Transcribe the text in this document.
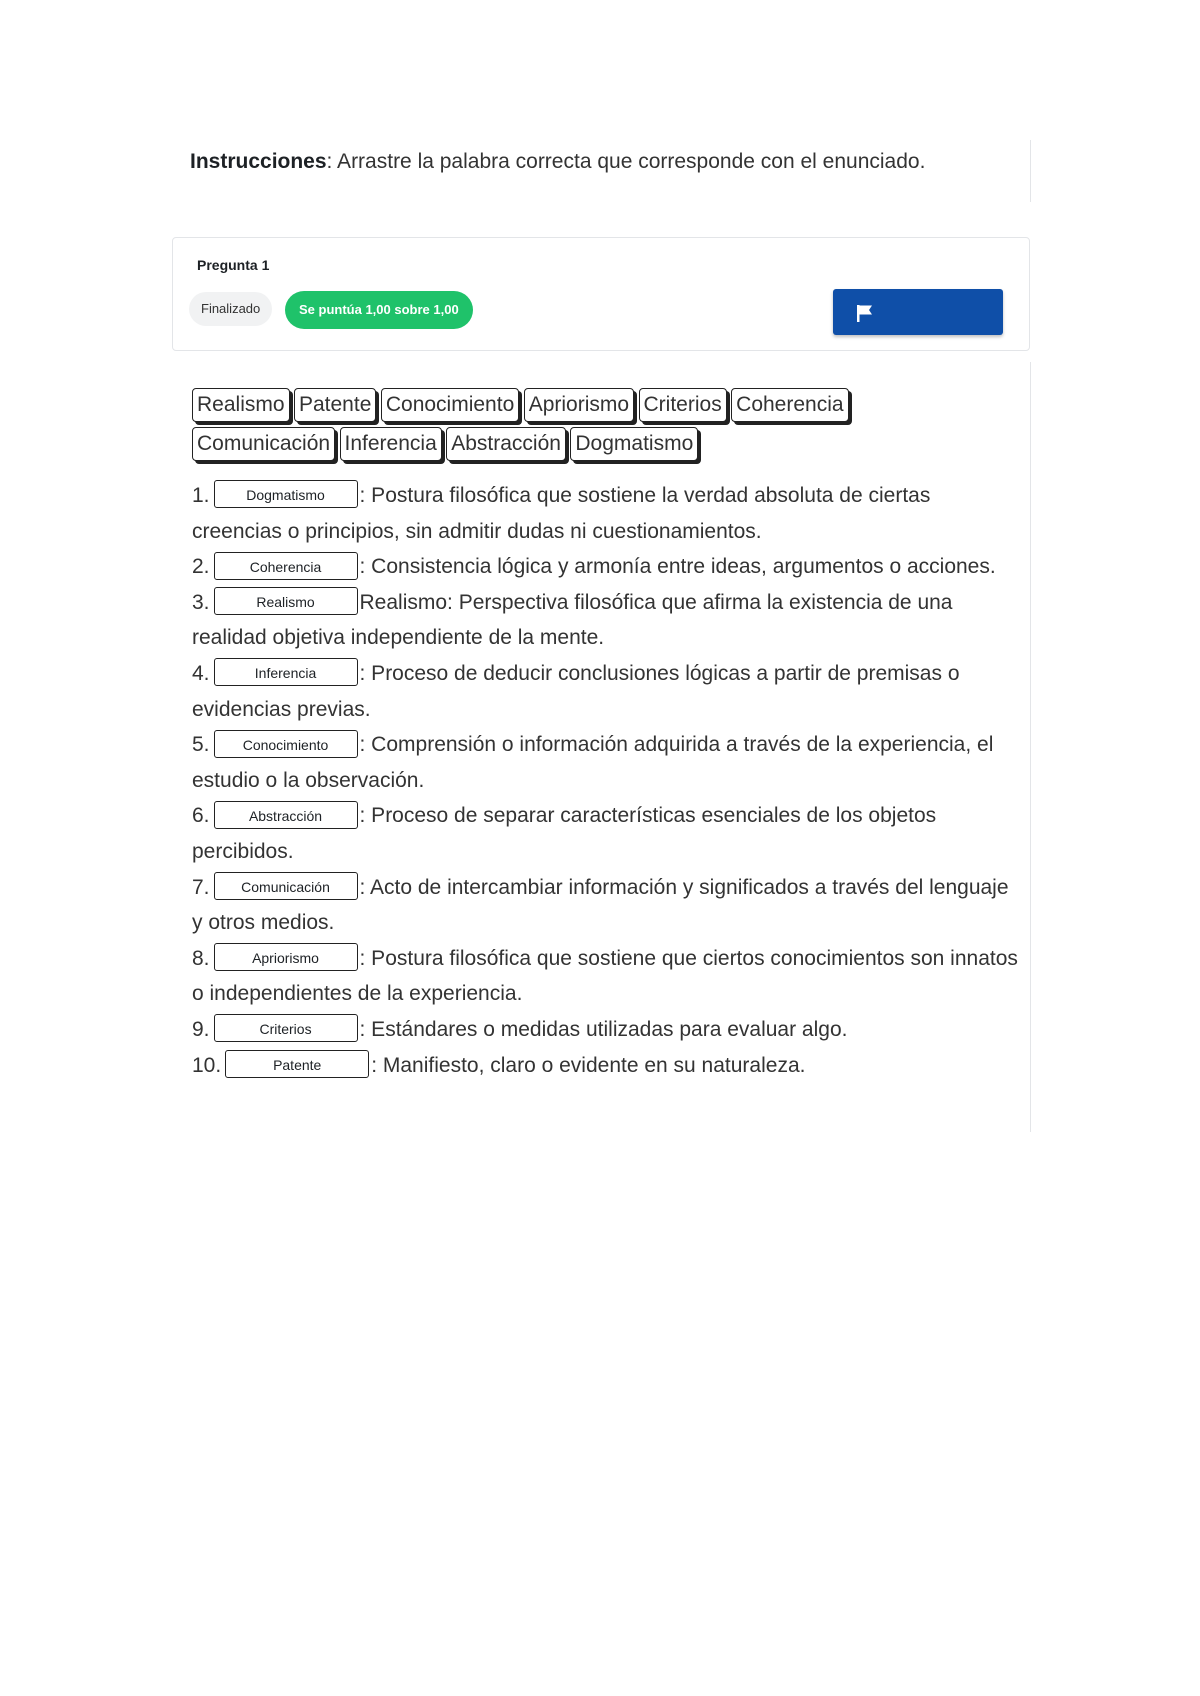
Instrucciones: Arrastre la palabra correcta que corresponde con el enunciado.
Pregunta 1
Finalizado	Se puntúa 1,00 sobre 1,00
Realismo Patente Conocimiento Apriorismo Criterios Coherencia
Comunicación Inferencia Abstracción Dogmatismo

1.	Dogmatismo : Postura filosófica que sostiene la verdad absoluta de ciertas creencias o principios, sin admitir dudas ni cuestionamientos.

2.	Coherencia : Consistencia lógica y armonía entre ideas, argumentos o acciones.

3.	Realismo Realismo: Perspectiva filosófica que afirma la existencia de una realidad objetiva independiente de la mente.

4.	Inferencia : Proceso de deducir conclusiones lógicas a partir de premisas o evidencias previas.

5. Conocimiento : Comprensión o información adquirida a través de la experiencia, el estudio o la observación.

6.	Abstracción : Proceso de separar características esenciales de los objetos percibidos.

7. Comunicación : Acto de intercambiar información y significados a través del lenguaje y otros medios.

8.	Apriorismo : Postura filosófica que sostiene que ciertos conocimientos son innatos o independientes de la experiencia.

9.	Criterios : Estándares o medidas utilizadas para evaluar algo.

10.	Patente : Manifiesto, claro o evidente en su naturaleza.
